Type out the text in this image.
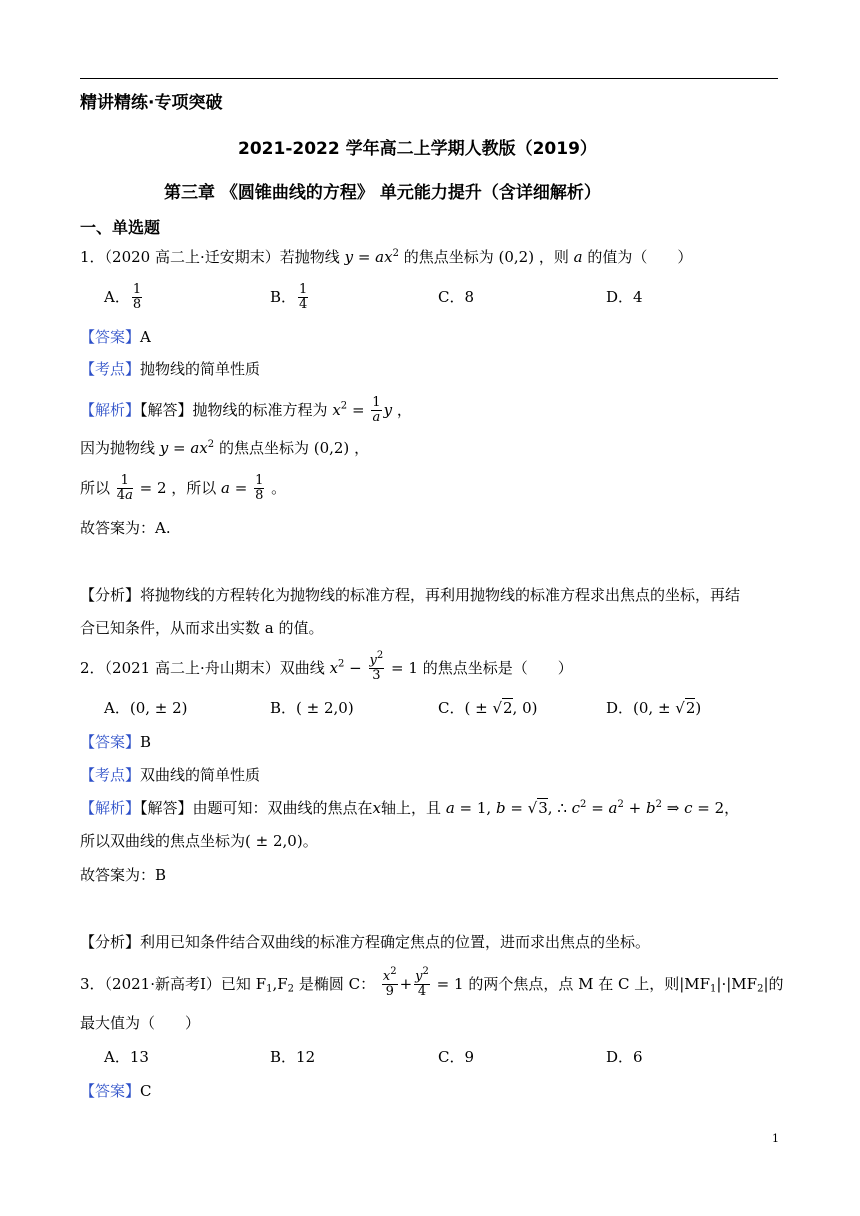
精讲精练·专项突破
2021-2022 学年高二上学期人教版（2019）
第三章 《圆锥曲线的方程》 单元能力提升（含详细解析）
一、单选题
1．（2020 高二上·迁安期末）若抛物线 $y = ax^2$ 的焦点坐标为 (0,2) ，则 a 的值为（　　）
A． $\frac{1}{8}$	B． $\frac{1}{4}$	C．8	D．4
【答案】A
【考点】抛物线的简单性质
【解析】【解答】抛物线的标准方程为 $x^2 = \frac{1}{a}$ y ，
因为抛物线 $y = ax^2$ 的焦点坐标为 (0,2) ，
所以 $\frac{1}{4a} = 2$ ，所以 $a = \frac{1}{8}$ 。
故答案为：A.
【分析】将抛物线的方程转化为抛物线的标准方程，再利用抛物线的标准方程求出焦点的坐标，再结
合已知条件，从而求出实数 a 的值。
2．（2021 高二上·舟山期末）双曲线 $x^2 - \frac{y^2}{3} = 1$ 的焦点坐标是（　　）
A．(0, ± 2)	B．( ± 2,0)	C．( ± √2, 0)	D．(0, ± √2)
【答案】B
【考点】双曲线的简单性质
【解析】【解答】由题可知：双曲线的焦点在x轴上，且 a = 1, b = √3, ∴ $c^2 = a^2 + b^2$ ⇒ c = 2，
所以双曲线的焦点坐标为( ± 2,0)。
故答案为：B
【分析】利用已知条件结合双曲线的标准方程确定焦点的位置，进而求出焦点的坐标。
3．（2021·新高考Ⅰ）已知 $F_1,F_2$ 是椭圆 C： $\frac{x^2}{9} + \frac{y^2}{4} = 1$ 的两个焦点，点 M 在 C 上，则$|MF_1|\cdot|MF_2|$的
最大值为（　　）
A．13	B．12	C．9	D．6
【答案】C
1
